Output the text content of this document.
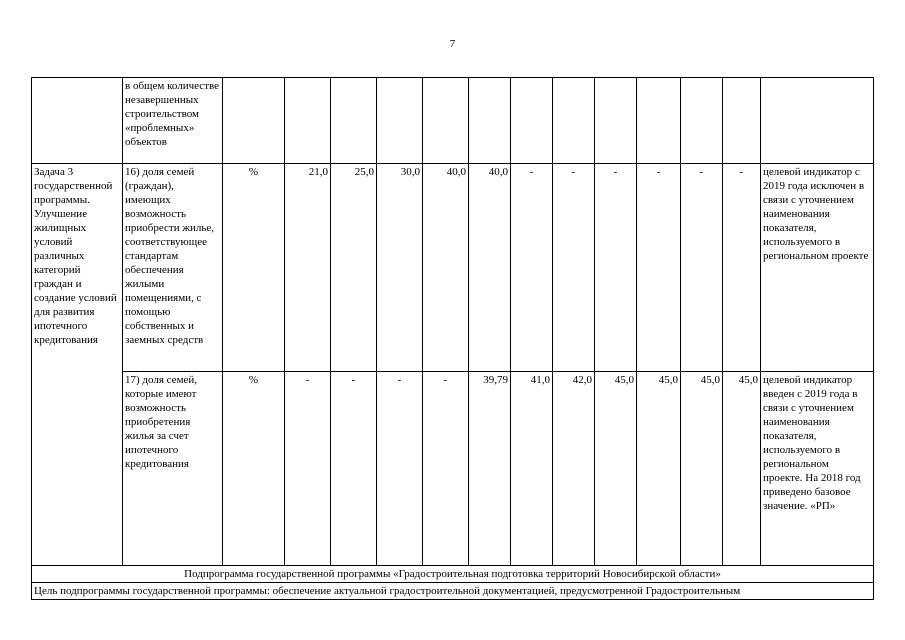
7
	в общем количестве незавершенных строительством «проблемных» объектов													
Задача 3 государственной программы. Улучшение жилищных условий различных категорий граждан и создание условий для развития ипотечного кредитования	16) доля семей (граждан), имеющих возможность приобрести жилье, соответствующее стандартам обеспечения жилыми помещениями, с помощью собственных и заемных средств	%	21,0	25,0	30,0	40,0	40,0	-	-	-	-	-	-	целевой индикатор с 2019 года исключен в связи с уточнением наименования показателя, используемого в региональном проекте
	17) доля семей, которые имеют возможность приобретения жилья за счет ипотечного кредитования	%	-	-	-	-	39,79	41,0	42,0	45,0	45,0	45,0	45,0	целевой индикатор введен с 2019 года в связи с уточнением наименования показателя, используемого в региональном проекте. На 2018 год приведено базовое значение. «РП»
Подпрограмма государственной программы «Градостроительная подготовка территорий Новосибирской области»														
Цель подпрограммы государственной программы: обеспечение актуальной градостроительной документацией, предусмотренной Градостроительным														
